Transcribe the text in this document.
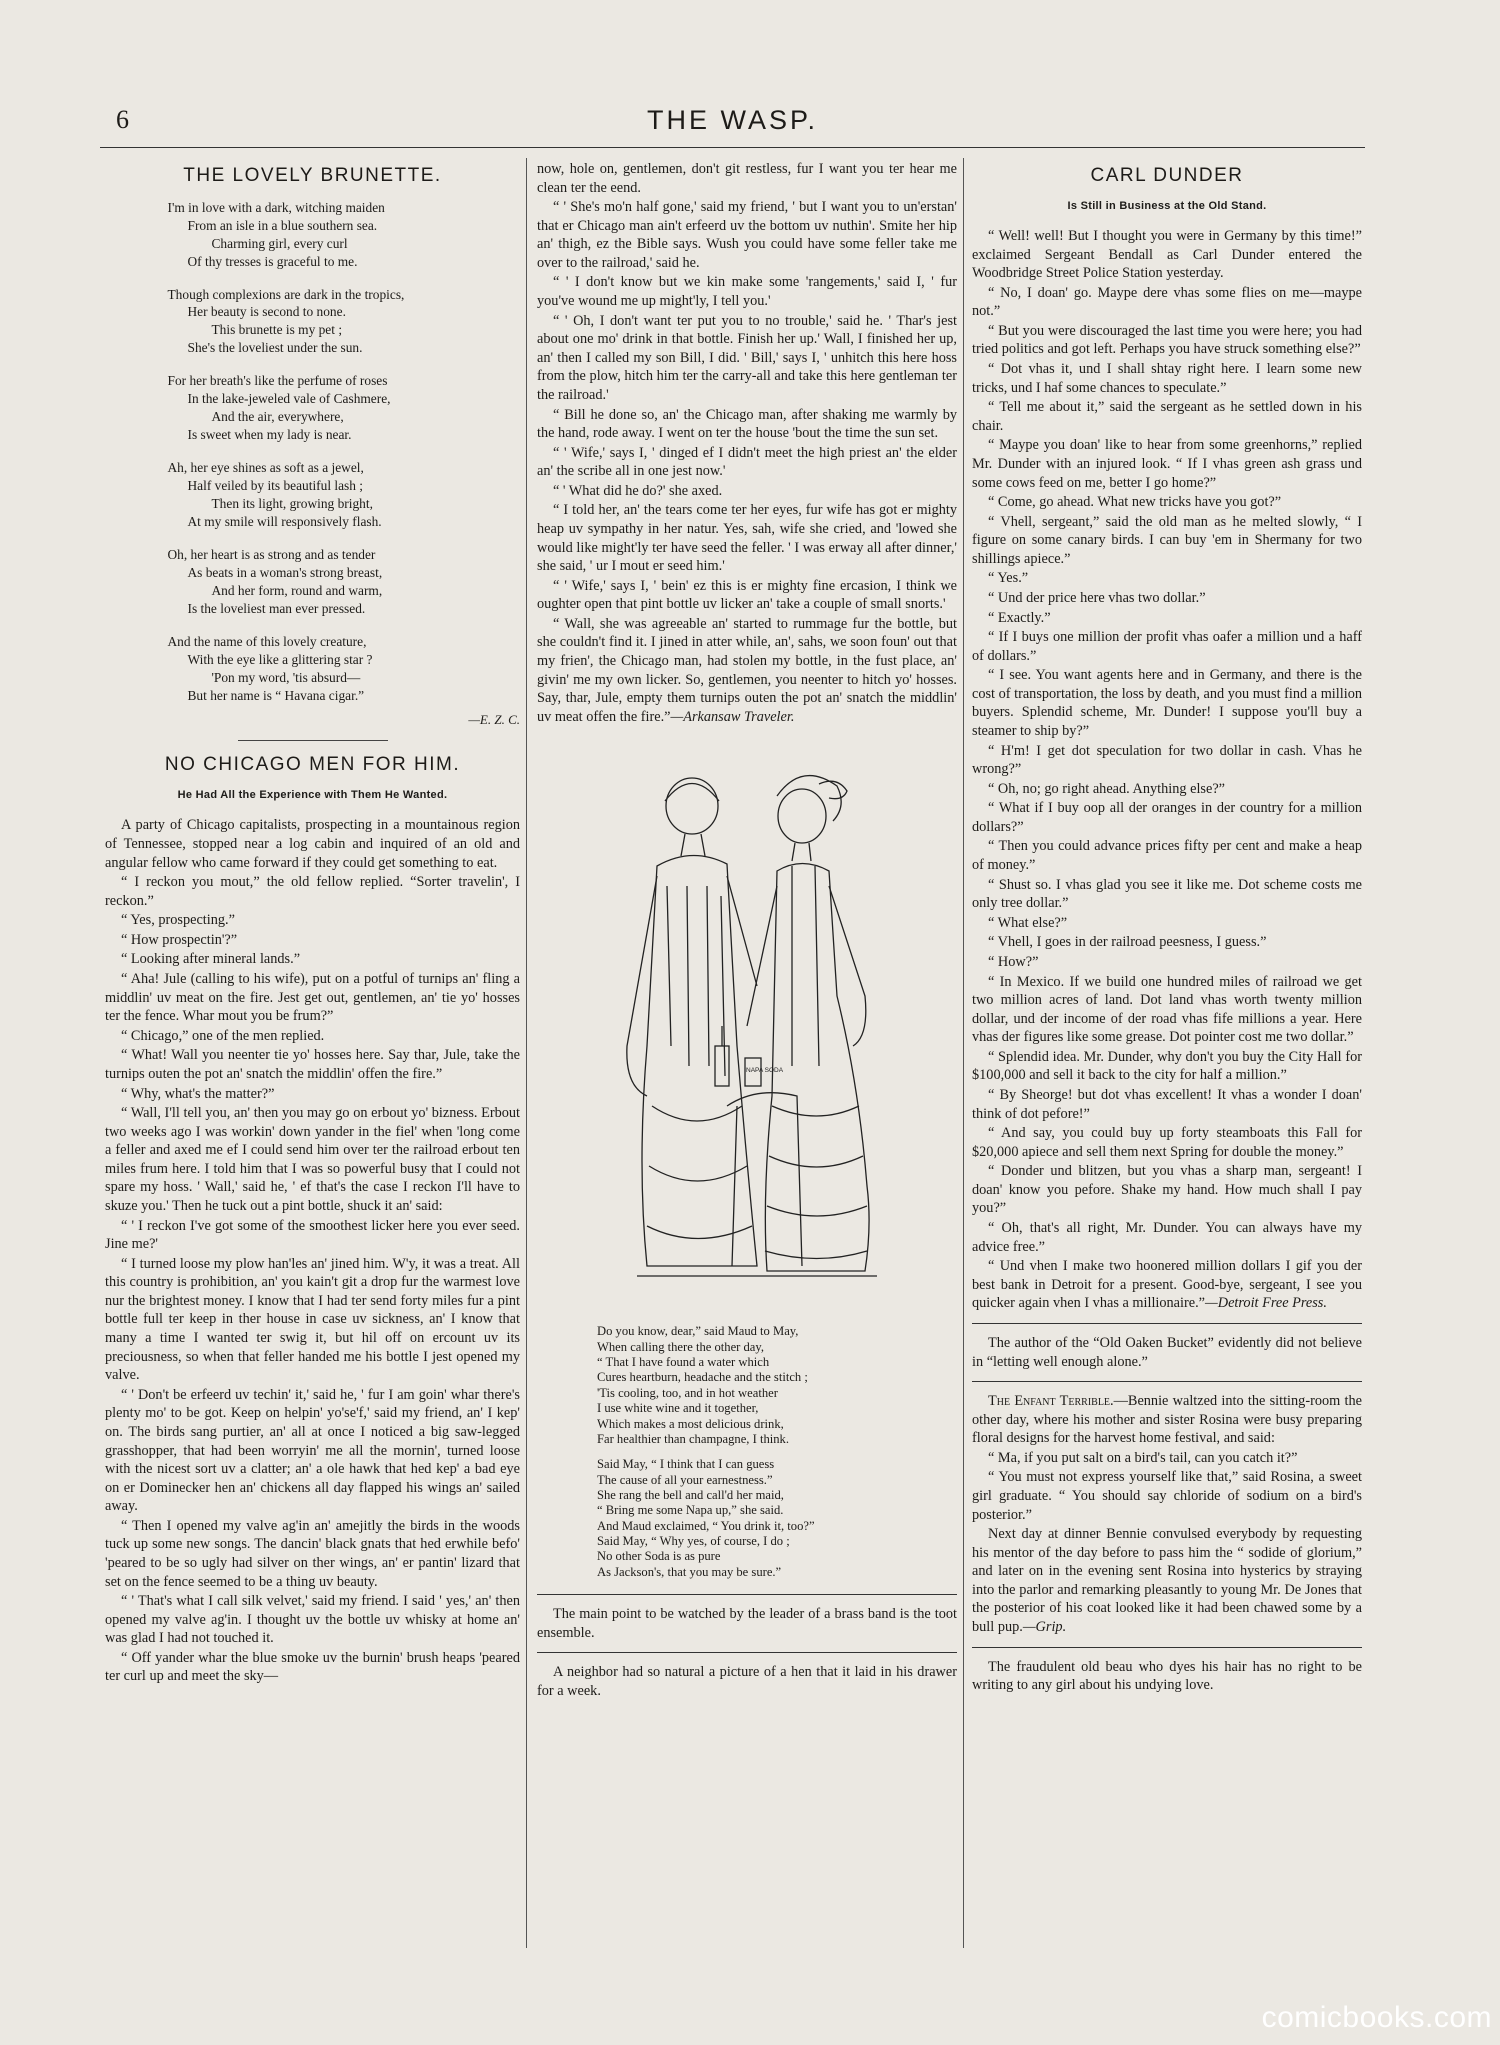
6	THE WASP.
THE LOVELY BRUNETTE.
I'm in love with a dark, witching maiden
From an isle in a blue southern sea.
Charming girl, every curl
Of thy tresses is graceful to me.
Though complexions are dark in the tropics,
Her beauty is second to none.
This brunette is my pet ;
She's the loveliest under the sun.
For her breath's like the perfume of roses
In the lake-jeweled vale of Cashmere,
And the air, everywhere,
Is sweet when my lady is near.
Ah, her eye shines as soft as a jewel,
Half veiled by its beautiful lash ;
Then its light, growing bright,
At my smile will responsively flash.
Oh, her heart is as strong and as tender
As beats in a woman's strong breast,
And her form, round and warm,
Is the loveliest man ever pressed.
And the name of this lovely creature,
With the eye like a glittering star ?
'Pon my word, 'tis absurd—
But her name is “ Havana cigar.”
—E. Z. C.
NO CHICAGO MEN FOR HIM.
He Had All the Experience with Them He Wanted.

A party of Chicago capitalists, prospecting in a mountainous region of Tennessee, stopped near a log cabin and inquired of an old and angular fellow who came forward if they could get something to eat.

“ I reckon you mout,” the old fellow replied. “Sorter travelin', I reckon.”

“ Yes, prospecting.”

“ How prospectin'?”

“ Looking after mineral lands.”

“ Aha! Jule (calling to his wife), put on a potful of turnips an' fling a middlin' uv meat on the fire. Jest get out, gentlemen, an' tie yo' hosses ter the fence. Whar mout you be frum?”

“ Chicago,” one of the men replied.

“ What! Wall you neenter tie yo' hosses here. Say thar, Jule, take the turnips outen the pot an' snatch the middlin' offen the fire.”

“ Why, what's the matter?”

“ Wall, I'll tell you, an' then you may go on erbout yo' bizness. Erbout two weeks ago I was workin' down yander in the fiel' when 'long come a feller and axed me ef I could send him over ter the railroad erbout ten miles frum here. I told him that I was so powerful busy that I could not spare my hoss. ' Wall,' said he, ' ef that's the case I reckon I'll have to skuze you.' Then he tuck out a pint bottle, shuck it an' said:

“ ' I reckon I've got some of the smoothest licker here you ever seed. Jine me?'

“ I turned loose my plow han'les an' jined him. W'y, it was a treat. All this country is prohibition, an' you kain't git a drop fur the warmest love nur the brightest money. I know that I had ter send forty miles fur a pint bottle full ter keep in ther house in case uv sickness, an' I know that many a time I wanted ter swig it, but hil off on ercount uv its preciousness, so when that feller handed me his bottle I jest opened my valve.

“ ' Don't be erfeerd uv techin' it,' said he, ' fur I am goin' whar there's plenty mo' to be got. Keep on helpin' yo'se'f,' said my friend, an' I kep' on. The birds sang purtier, an' all at once I noticed a big saw-legged grasshopper, that had been worryin' me all the mornin', turned loose with the nicest sort uv a clatter; an' a ole hawk that hed kep' a bad eye on er Dominecker hen an' chickens all day flapped his wings an' sailed away.

“ Then I opened my valve ag'in an' amejitly the birds in the woods tuck up some new songs. The dancin' black gnats that hed erwhile befo' 'peared to be so ugly had silver on ther wings, an' er pantin' lizard that set on the fence seemed to be a thing uv beauty.

“ ' That's what I call silk velvet,' said my friend. I said ' yes,' an' then opened my valve ag'in. I thought uv the bottle uv whisky at home an' was glad I had not touched it.

“ Off yander whar the blue smoke uv the burnin' brush heaps 'peared ter curl up and meet the sky—

now, hole on, gentlemen, don't git restless, fur I want you ter hear me clean ter the eend.

“ ' She's mo'n half gone,' said my friend, ' but I want you to un'erstan' that er Chicago man ain't erfeerd uv the bottom uv nuthin'. Smite her hip an' thigh, ez the Bible says. Wush you could have some feller take me over to the railroad,' said he.

“ ' I don't know but we kin make some 'rangements,' said I, ' fur you've wound me up might'ly, I tell you.'

“ ' Oh, I don't want ter put you to no trouble,' said he. ' Thar's jest about one mo' drink in that bottle. Finish her up.' Wall, I finished her up, an' then I called my son Bill, I did. ' Bill,' says I, ' unhitch this here hoss from the plow, hitch him ter the carry-all and take this here gentleman ter the railroad.'

“ Bill he done so, an' the Chicago man, after shaking me warmly by the hand, rode away. I went on ter the house 'bout the time the sun set.

“ ' Wife,' says I, ' dinged ef I didn't meet the high priest an' the elder an' the scribe all in one jest now.'

“ ' What did he do?' she axed.

“ I told her, an' the tears come ter her eyes, fur wife has got er mighty heap uv sympathy in her natur. Yes, sah, wife she cried, and 'lowed she would like might'ly ter have seed the feller. ' I was erway all after dinner,' she said, ' ur I mout er seed him.'

“ ' Wife,' says I, ' bein' ez this is er mighty fine ercasion, I think we oughter open that pint bottle uv licker an' take a couple of small snorts.'

“ Wall, she was agreeable an' started to rummage fur the bottle, but she couldn't find it. I jined in atter while, an', sahs, we soon foun' out that my frien', the Chicago man, had stolen my bottle, in the fust place, an' givin' me my own licker. So, gentlemen, you neenter to hitch yo' hosses. Say, thar, Jule, empty them turnips outen the pot an' snatch the middlin' uv meat offen the fire.”—Arkansaw Traveler.

NAPA SODA
Do you know, dear,” said Maud to May,
When calling there the other day,
“ That I have found a water which
Cures heartburn, headache and the stitch ;
'Tis cooling, too, and in hot weather
I use white wine and it together,
Which makes a most delicious drink,
Far healthier than champagne, I think.
Said May, “ I think that I can guess
The cause of all your earnestness.”
She rang the bell and call'd her maid,
“ Bring me some Napa up,” she said.
And Maud exclaimed, “ You drink it, too?”
Said May, “ Why yes, of course, I do ;
No other Soda is as pure
As Jackson's, that you may be sure.”

The main point to be watched by the leader of a brass band is the toot ensemble.

A neighbor had so natural a picture of a hen that it laid in his drawer for a week.

CARL DUNDER
Is Still in Business at the Old Stand.

“ Well! well! But I thought you were in Germany by this time!” exclaimed Sergeant Bendall as Carl Dunder entered the Woodbridge Street Police Station yesterday.

“ No, I doan' go. Maype dere vhas some flies on me—maype not.”

“ But you were discouraged the last time you were here; you had tried politics and got left. Perhaps you have struck something else?”

“ Dot vhas it, und I shall shtay right here. I learn some new tricks, und I haf some chances to speculate.”

“ Tell me about it,” said the sergeant as he settled down in his chair.

“ Maype you doan' like to hear from some greenhorns,” replied Mr. Dunder with an injured look. “ If I vhas green ash grass und some cows feed on me, better I go home?”

“ Come, go ahead. What new tricks have you got?”

“ Vhell, sergeant,” said the old man as he melted slowly, “ I figure on some canary birds. I can buy 'em in Shermany for two shillings apiece.”

“ Yes.”

“ Und der price here vhas two dollar.”

“ Exactly.”

“ If I buys one million der profit vhas oafer a million und a haff of dollars.”

“ I see. You want agents here and in Germany, and there is the cost of transportation, the loss by death, and you must find a million buyers. Splendid scheme, Mr. Dunder! I suppose you'll buy a steamer to ship by?”

“ H'm! I get dot speculation for two dollar in cash. Vhas he wrong?”

“ Oh, no; go right ahead. Anything else?”

“ What if I buy oop all der oranges in der country for a million dollars?”

“ Then you could advance prices fifty per cent and make a heap of money.”

“ Shust so. I vhas glad you see it like me. Dot scheme costs me only tree dollar.”

“ What else?”

“ Vhell, I goes in der railroad peesness, I guess.”

“ How?”

“ In Mexico. If we build one hundred miles of railroad we get two million acres of land. Dot land vhas worth twenty million dollar, und der income of der road vhas fife millions a year. Here vhas der figures like some grease. Dot pointer cost me two dollar.”

“ Splendid idea. Mr. Dunder, why don't you buy the City Hall for $100,000 and sell it back to the city for half a million.”

“ By Sheorge! but dot vhas excellent! It vhas a wonder I doan' think of dot pefore!”

“ And say, you could buy up forty steamboats this Fall for $20,000 apiece and sell them next Spring for double the money.”

“ Donder und blitzen, but you vhas a sharp man, sergeant! I doan' know you pefore. Shake my hand. How much shall I pay you?”

“ Oh, that's all right, Mr. Dunder. You can always have my advice free.”

“ Und vhen I make two hoonered million dollars I gif you der best bank in Detroit for a present. Good-bye, sergeant, I see you quicker again vhen I vhas a millionaire.”—Detroit Free Press.

The author of the “Old Oaken Bucket” evidently did not believe in “letting well enough alone.”

The Enfant Terrible.—Bennie waltzed into the sitting-room the other day, where his mother and sister Rosina were busy preparing floral designs for the harvest home festival, and said:

“ Ma, if you put salt on a bird's tail, can you catch it?”

“ You must not express yourself like that,” said Rosina, a sweet girl graduate. “ You should say chloride of sodium on a bird's posterior.”

Next day at dinner Bennie convulsed everybody by requesting his mentor of the day before to pass him the “ sodide of glorium,” and later on in the evening sent Rosina into hysterics by straying into the parlor and remarking pleasantly to young Mr. De Jones that the posterior of his coat looked like it had been chawed some by a bull pup.—Grip.

The fraudulent old beau who dyes his hair has no right to be writing to any girl about his undying love.

comicbooks.com
